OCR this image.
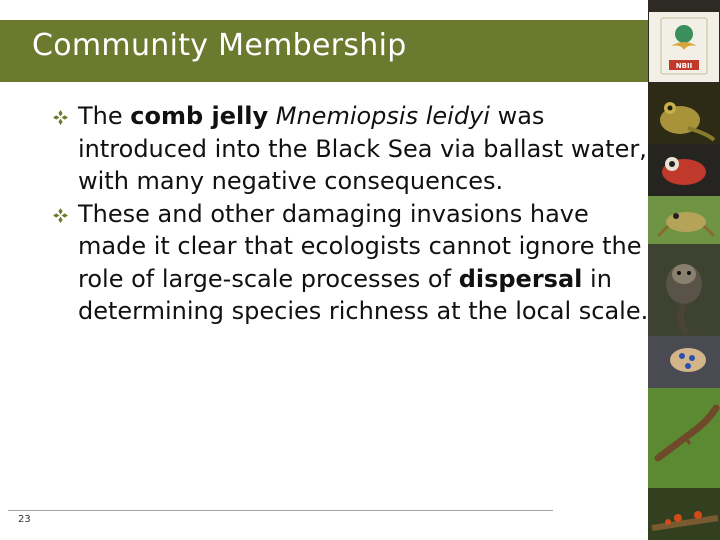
Community Membership

The comb jelly Mnemiopsis leidyi was introduced into the Black Sea via ballast water, with many negative consequences.

These and other damaging invasions have made it clear that ecologists cannot ignore the role of large-scale processes of dispersal in determining species richness at the local scale.

23
NBII
